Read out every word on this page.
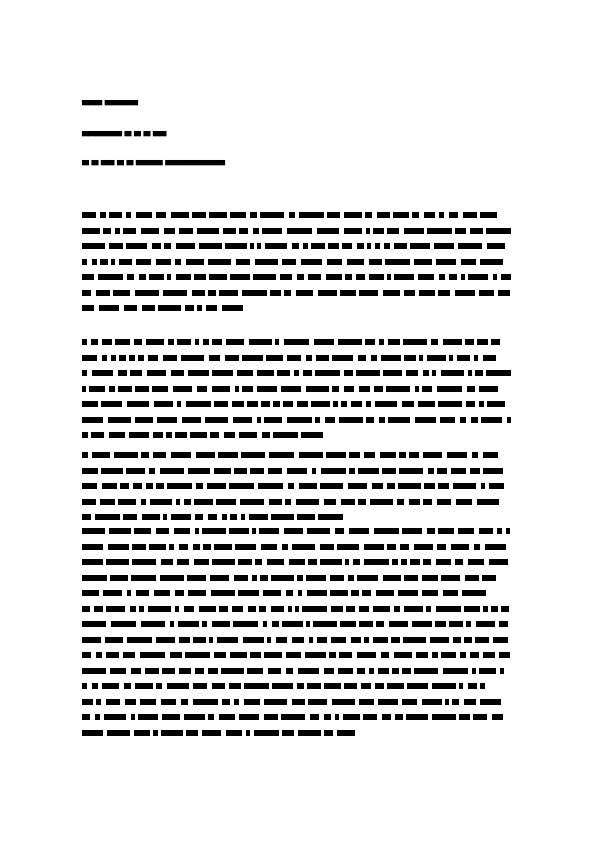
▄▄▄ ▄▄▄▄▄
▄▄▄▄▄▄ ▄ ▄ ▄ ▄▄
▄ ▄ ▄▄ ▄ ▄ ▄▄▄▄ ▄▄▄▄▄▄▄▄▄
